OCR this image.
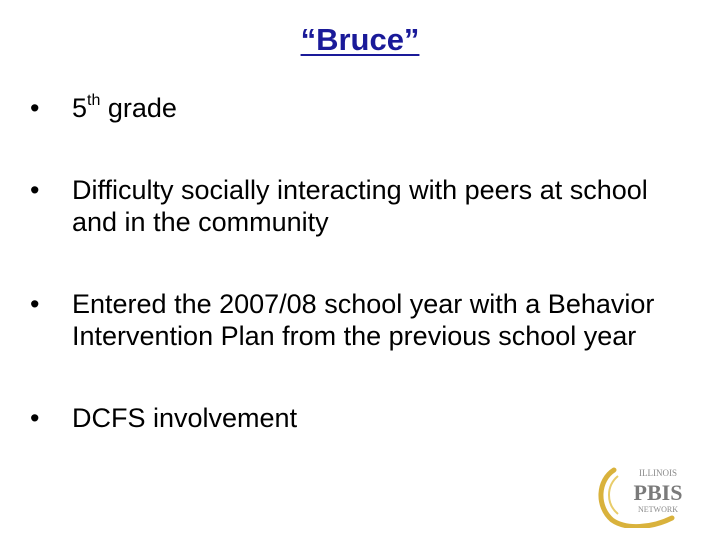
“Bruce”
• 5th grade
• Difficulty socially interacting with peers at school and in the community
• Entered the 2007/08 school year with a Behavior Intervention Plan from the previous school year
• DCFS involvement
ILLINOIS
PBIS
NETWORK
